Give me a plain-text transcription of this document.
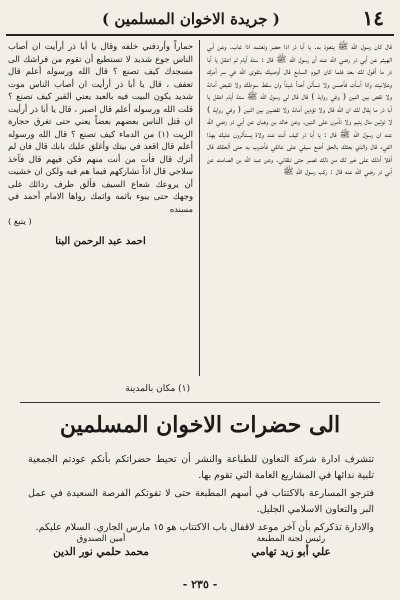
١٤
( جريدة الاخوان المسلمين )

قال كان رسول الله ﷺ يتعوذ به. يا أبا ذر اذا حضر وتغتمه اذا غاب. وعن أبي الهيثم عن أبي ذر رضي الله عنه أن رسول الله ﷺ قال : ستة أيام ثم اعقل يا أبا ذر ما أقول لك بعد فلما كان اليوم السابع قال أوصيك بتقوى الله في سر أمرك وعلانيته واذا أسأت فأحسن ولا تسألن أحداً شيئاً وان سقط سوطك ولا تقبض أمانة ولا تقض بين اثنين ( وفي رواية ) قال قال لي رسول الله ﷺ ستة أيام اعقل يا أبا ذر ما يقال لك ان الله قال ولا تؤدين أمانة ولا تقضين بين اثنين ( وفي رواية ) لا تولين مال يتيم ولا تأمرن على اثنين. وعن خالد بن وهبان عن أبي ذر رضي الله عنه ان رسول الله ﷺ قال : يا أبا ذر كيف أنت عند ولاة يستأثرون عليك بهذا الفيء قال والذي بعثك بالحق أضع سيفي على عاتقي فأضرب به حتى ألحقك قال أفلا أدلك على خير لك من ذلك تصبر حتى تلقاني. وعن عبد الله بن الصامت عن أبي ذر رضي الله عنه قال : ركب رسول الله ﷺ

حماراً وأردفني خلفه وقال يا أبا ذر أرأيت ان أصاب الناس جوع شديد لا تستطيع أن تقوم من فراشك الى مسجدك كيف تصنع ؟ قال الله ورسوله أعلم قال تعفف ، قال يا أبا ذر أرأيت ان أصاب الناس موت شديد يكون البيت فيه بالعبد يعني القبر كيف تصنع ؟ قلت الله ورسوله أعلم قال اصبر ، قال يا أبا ذر أرأيت ان قتل الناس بعضهم بعضاً يعني حتى تغرق حجارة الزيت (١) من الدماء كيف تصنع ؟ قال الله ورسوله أعلم قال اقعد في بيتك وأغلق عليك بابك قال فان لم أترك قال فأت من أنت منهم فكن فيهم قال فآخذ سلاحي قال اذاً تشاركهم فيما هم فيه ولكن ان خشيت أن يروعك شعاع السيف فألق طرف ردائك على وجهك حتى يبوء باثمه واثمك رواها الامام أحمد في مسنده

( يتبع )

احمد عبد الرحمن البنا
(١) مكان بالمدينة
الى حضرات الاخوان المسلمين

تتشرف ادارة شركة التعاون للطباعة والنشر أن تحيط حضراتكم بأنكم عودتم الجمعية تلبية ندائها في المشاريع العامة التي تقوم بها.

فترجو المسارعة بالاكتتاب في أسهم المطبعة حتى لا تفوتكم الفرصة السعيدة في عمل البر والتعاون الاسلامي الجليل.

والادارة تذكركم بأن آخر موعد لاقفال باب الاكتتاب هو ١٥ مارس الجاري. السلام عليكم.

رئيس لجنة المطبعة
علي أبو زيد تهامي
أمين الصندوق
محمد حلمي نور الدين
- ٢٣٥ -
